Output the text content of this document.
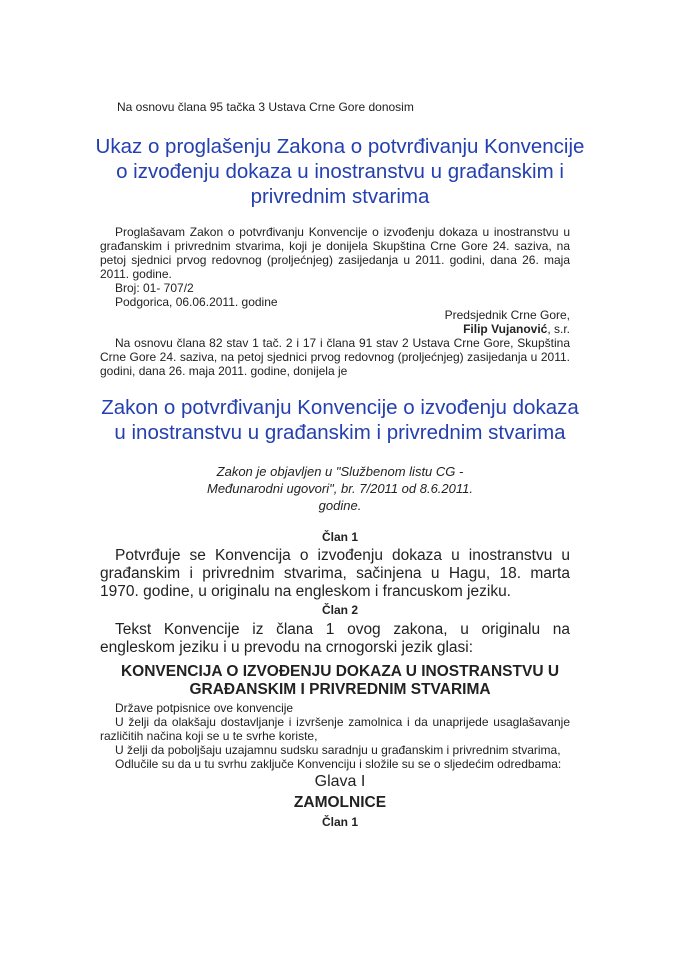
Na osnovu člana 95 tačka 3 Ustava Crne Gore donosim
Ukaz o proglašenju Zakona o potvrđivanju Konvencije
o izvođenju dokaza u inostranstvu u građanskim i
privrednim stvarima
Proglašavam Zakon o potvrđivanju Konvencije o izvođenju dokaza u inostranstvu u
građanskim i privrednim stvarima, koji je donijela Skupština Crne Gore 24. saziva, na
petoj sjednici prvog redovnog (proljećnjeg) zasijedanja u 2011. godini, dana 26. maja
2011. godine.
Broj: 01- 707/2
Podgorica, 06.06.2011. godine
Predsjednik Crne Gore,
Filip Vujanović, s.r.
Na osnovu člana 82 stav 1 tač. 2 i 17 i člana 91 stav 2 Ustava Crne Gore, Skupština
Crne Gore 24. saziva, na petoj sjednici prvog redovnog (proljećnjeg) zasijedanja u 2011.
godini, dana 26. maja 2011. godine, donijela je
Zakon o potvrđivanju Konvencije o izvođenju dokaza
u inostranstvu u građanskim i privrednim stvarima
Zakon je objavljen u "Službenom listu CG -
Međunarodni ugovori", br. 7/2011 od 8.6.2011.
godine.
Član 1
Potvrđuje se Konvencija o izvođenju dokaza u inostranstvu u
građanskim i privrednim stvarima, sačinjena u Hagu, 18. marta
1970. godine, u originalu na engleskom i francuskom jeziku.
Član 2
Tekst Konvencije iz člana 1 ovog zakona, u originalu na
engleskom jeziku i u prevodu na crnogorski jezik glasi:
KONVENCIJA O IZVOĐENJU DOKAZA U INOSTRANSTVU U
GRAĐANSKIM I PRIVREDNIM STVARIMA
Države potpisnice ove konvencije
U želji da olakšaju dostavljanje i izvršenje zamolnica i da unaprijede usaglašavanje
različitih načina koji se u te svrhe koriste,
U želji da poboljšaju uzajamnu sudsku saradnju u građanskim i privrednim stvarima,
Odlučile su da u tu svrhu zaključe Konvenciju i složile su se o sljedećim odredbama:
Glava I
ZAMOLNICE
Član 1
